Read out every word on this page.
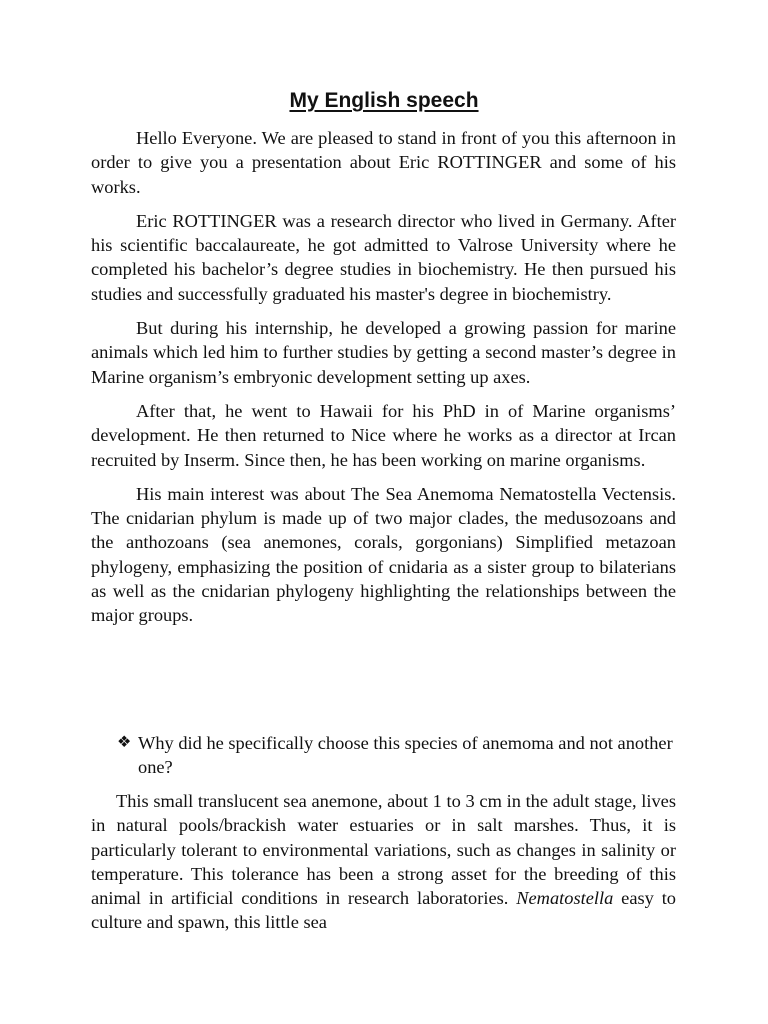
My English speech

Hello Everyone. We are pleased to stand in front of you this afternoon in order to give you a presentation about Eric ROTTINGER and some of his works.

Eric ROTTINGER was a research director who lived in Germany. After his scientific baccalaureate, he got admitted to Valrose University where he completed his bachelor’s degree studies in biochemistry. He then pursued his studies and successfully graduated his master's degree in biochemistry.

But during his internship, he developed a growing passion for marine animals which led him to further studies by getting a second master’s degree in Marine organism’s embryonic development setting up axes.

After that, he went to Hawaii for his PhD in of Marine organisms’ development. He then returned to Nice where he works as a director at Ircan recruited by Inserm. Since then, he has been working on marine organisms.

His main interest was about The Sea Anemoma Nematostella Vectensis. The cnidarian phylum is made up of two major clades, the medusozoans and the anthozoans (sea anemones, corals, gorgonians) Simplified metazoan phylogeny, emphasizing the position of cnidaria as a sister group to bilaterians as well as the cnidarian phylogeny highlighting the relationships between the major groups.

❖ Why did he specifically choose this species of anemoma and not another one?
This small translucent sea anemone, about 1 to 3 cm in the adult stage, lives in natural pools/brackish water estuaries or in salt marshes. Thus, it is particularly tolerant to environmental variations, such as changes in salinity or temperature. This tolerance has been a strong asset for the breeding of this animal in artificial conditions in research laboratories. Nematostella easy to culture and spawn, this little sea
